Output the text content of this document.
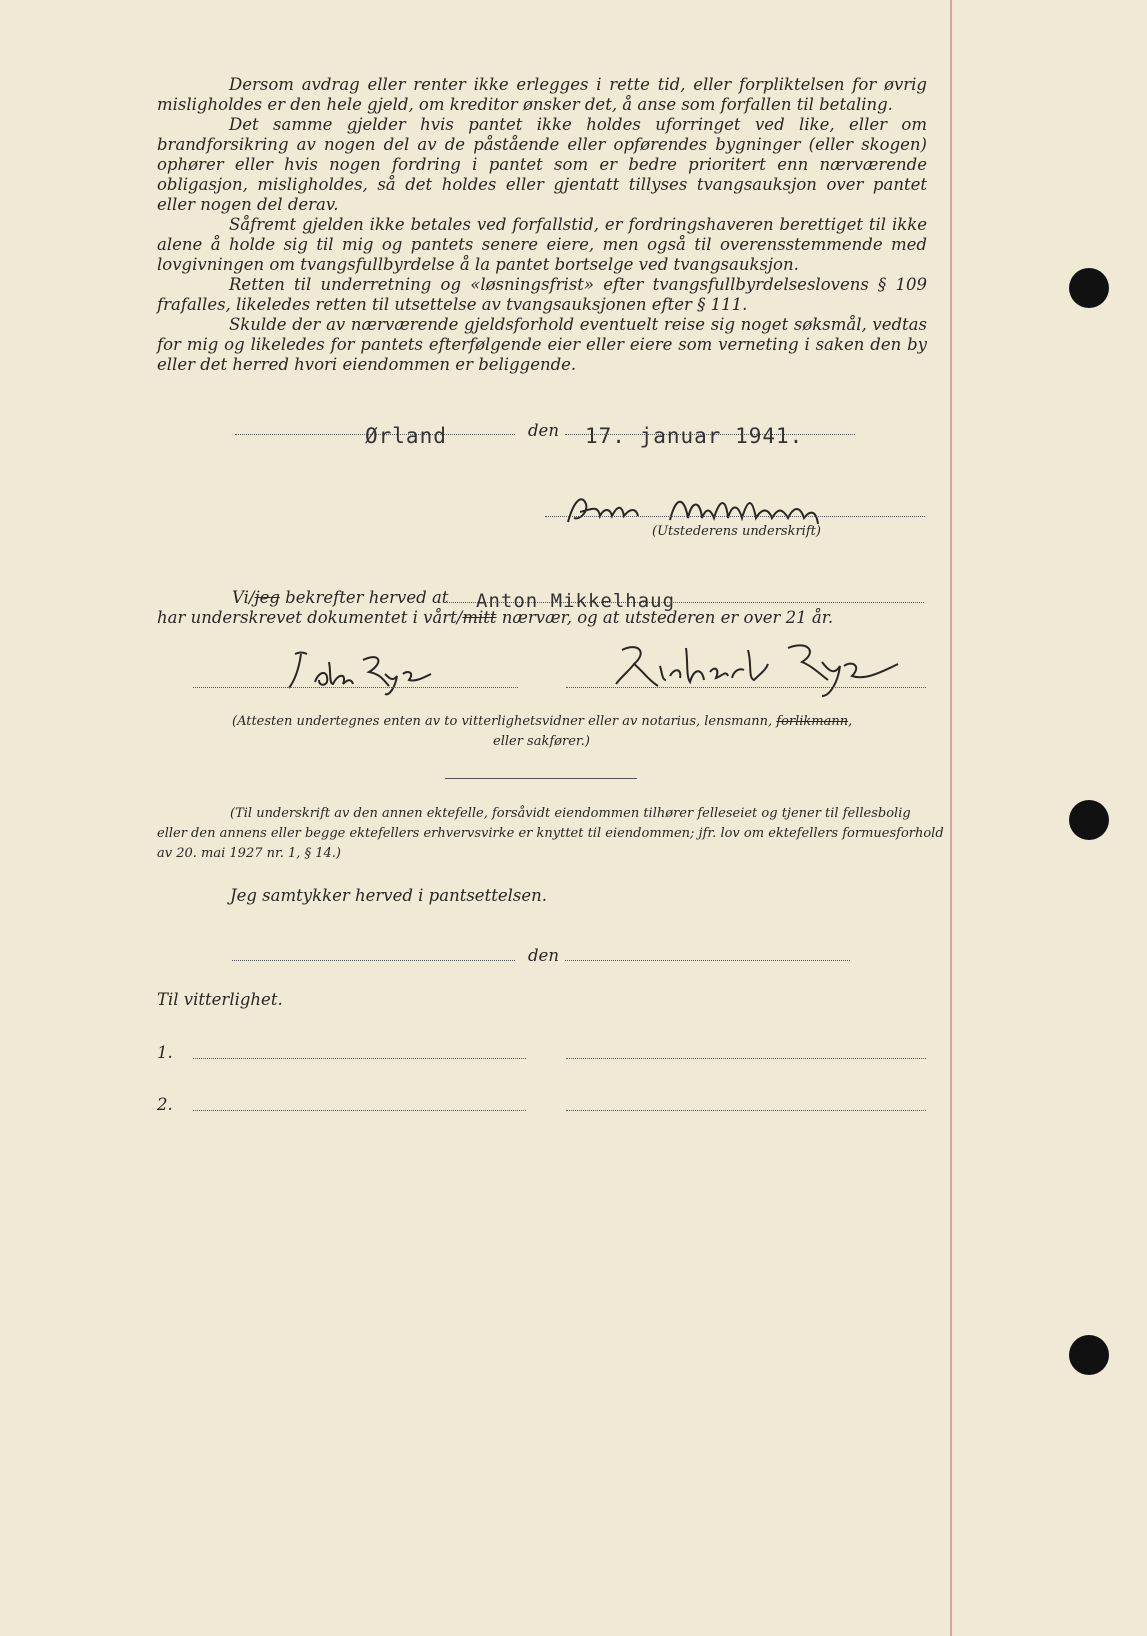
Dersom avdrag eller renter ikke erlegges i rette tid, eller forpliktelsen for øvrig misligholdes er den hele gjeld, om kreditor ønsker det, å anse som forfallen til betaling.

Det samme gjelder hvis pantet ikke holdes uforringet ved like, eller om brandforsikring av nogen del av de påstående eller opførendes bygninger (eller skogen) ophører eller hvis nogen fordring i pantet som er bedre prioritert enn nærværende obligasjon, misligholdes, så det holdes eller gjentatt tillyses tvangsauksjon over pantet eller nogen del derav.

Såfremt gjelden ikke betales ved forfallstid, er fordringshaveren berettiget til ikke alene å holde sig til mig og pantets senere eiere, men også til overensstemmende med lovgivningen om tvangsfullbyrdelse å la pantet bortselge ved tvangsauksjon.

Retten til underretning og «løsningsfrist» efter tvangsfullbyrdelseslovens § 109 frafalles, likeledes retten til utsettelse av tvangsauksjonen efter § 111.

Skulde der av nærværende gjeldsforhold eventuelt reise sig noget søksmål, vedtas for mig og likeledes for pantets efterfølgende eier eller eiere som verneting i saken den by eller det herred hvori eiendommen er beliggende.

Ørland	den 17. januar 1941.
(Utstederens underskrift)
Vi/jeg bekrefter herved at Anton Mikkelhaug
har underskrevet dokumentet i vårt/mitt nærvær, og at utstederen er over 21 år.
(Attesten undertegnes enten av to vitterlighetsvidner eller av notarius, lensmann, forlikmann,
eller sakfører.)
(Til underskrift av den annen ektefelle, forsåvidt eiendommen tilhører felleseiet og tjener til fellesbolig
eller den annens eller begge ektefellers erhvervsvirke er knyttet til eiendommen; jfr. lov om ektefellers formuesforhold
av 20. mai 1927 nr. 1, § 14.)
Jeg samtykker herved i pantsettelsen.
den
Til vitterlighet.
1.
2.
